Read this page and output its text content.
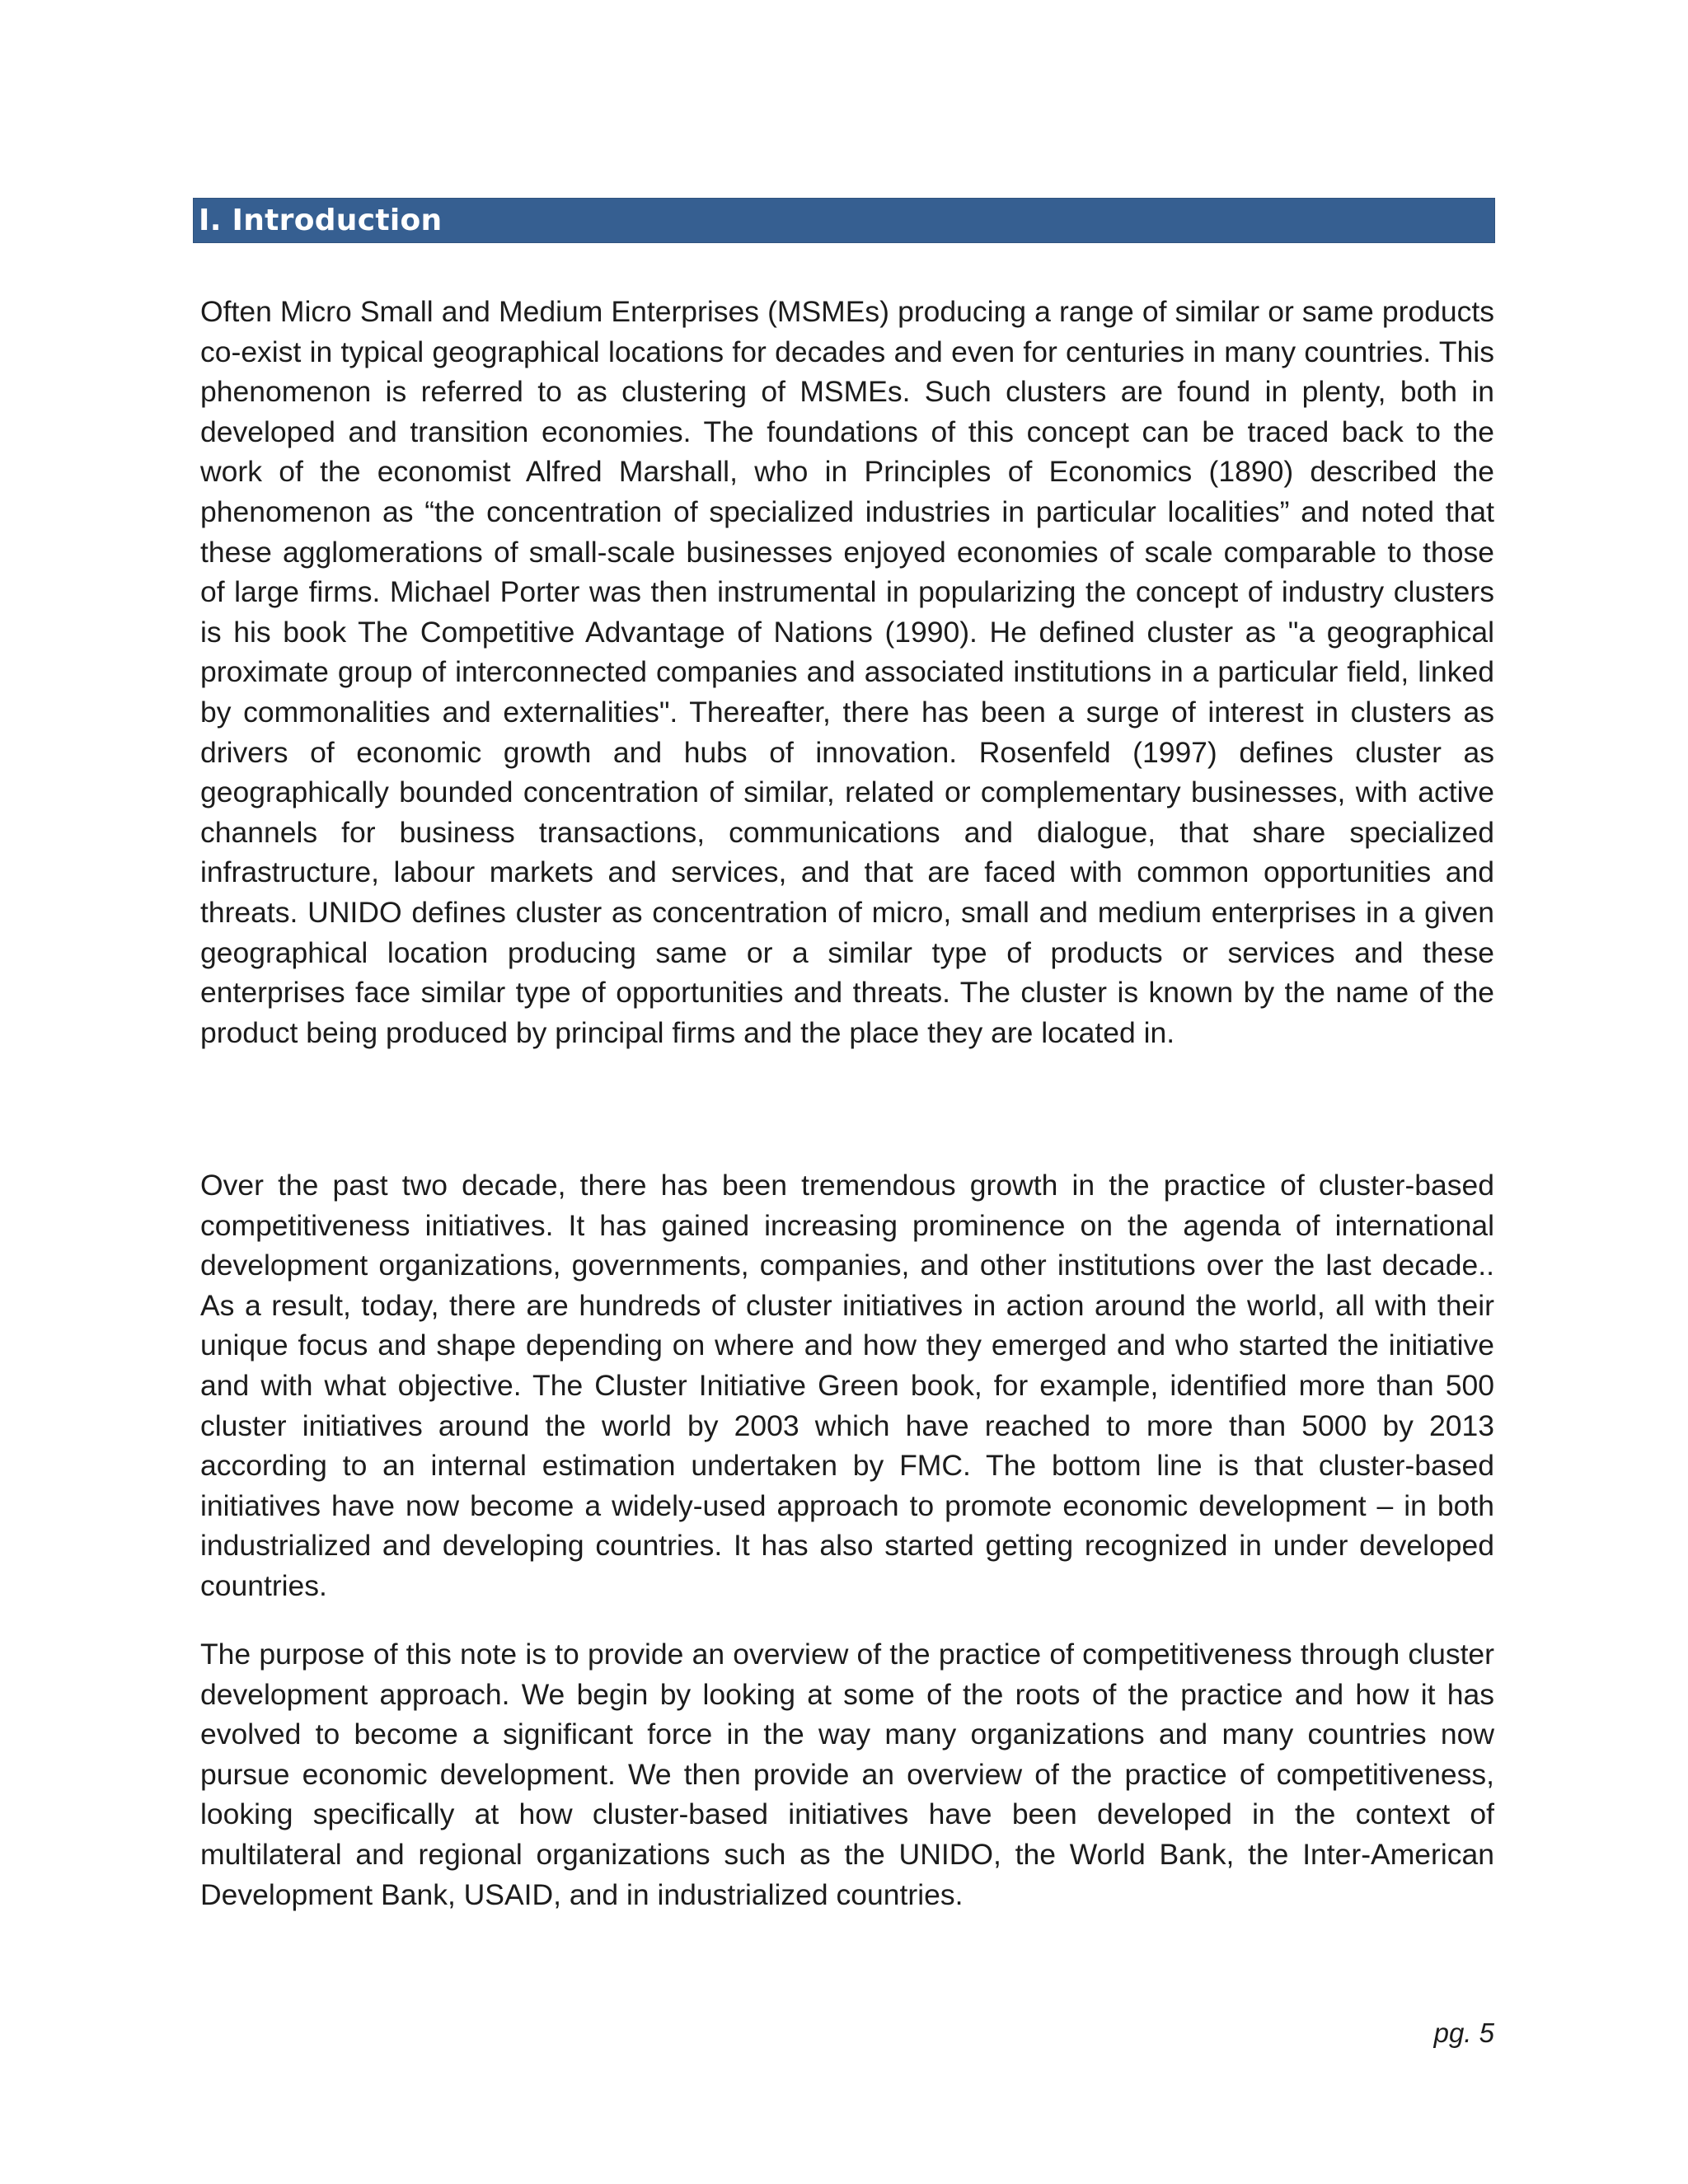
I. Introduction

Often Micro Small and Medium Enterprises (MSMEs) producing a range of similar or same products co-exist in typical geographical locations for decades and even for centuries in many countries. This phenomenon is referred to as clustering of MSMEs. Such clusters are found in plenty, both in developed and transition economies. The foundations of this concept can be traced back to the work of the economist Alfred Marshall, who in Principles of Economics (1890) described the phenomenon as “the concentration of specialized industries in particular localities” and noted that these agglomerations of small-scale businesses enjoyed economies of scale comparable to those of large firms. Michael Porter was then instrumental in popularizing the concept of industry clusters is his book The Competitive Advantage of Nations (1990). He defined cluster as "a geographical proximate group of interconnected companies and associated institutions in a particular field, linked by commonalities and externalities". Thereafter, there has been a surge of interest in clusters as drivers of economic growth and hubs of innovation. Rosenfeld (1997) defines cluster as geographically bounded concentration of similar, related or complementary businesses, with active channels for business transactions, communications and dialogue, that share specialized infrastructure, labour markets and services, and that are faced with common opportunities and threats. UNIDO defines cluster as concentration of micro, small and medium enterprises in a given geographical location producing same or a similar type of products or services and these enterprises face similar type of opportunities and threats. The cluster is known by the name of the product being produced by principal firms and the place they are located in.

Over the past two decade, there has been tremendous growth in the practice of cluster-based competitiveness initiatives. It has gained increasing prominence on the agenda of international development organizations, governments, companies, and other institutions over the last decade.. As a result, today, there are hundreds of cluster initiatives in action around the world, all with their unique focus and shape depending on where and how they emerged and who started the initiative and with what objective. The Cluster Initiative Green book, for example, identified more than 500 cluster initiatives around the world by 2003 which have reached to more than 5000 by 2013 according to an internal estimation undertaken by FMC. The bottom line is that cluster-based initiatives have now become a widely-used approach to promote economic development – in both industrialized and developing countries. It has also started getting recognized in under developed countries.

The purpose of this note is to provide an overview of the practice of competitiveness through cluster development approach. We begin by looking at some of the roots of the practice and how it has evolved to become a significant force in the way many organizations and many countries now pursue economic development. We then provide an overview of the practice of competitiveness, looking specifically at how cluster-based initiatives have been developed in the context of multilateral and regional organizations such as the UNIDO, the World Bank, the Inter-American Development Bank, USAID, and in industrialized countries.

pg. 5
